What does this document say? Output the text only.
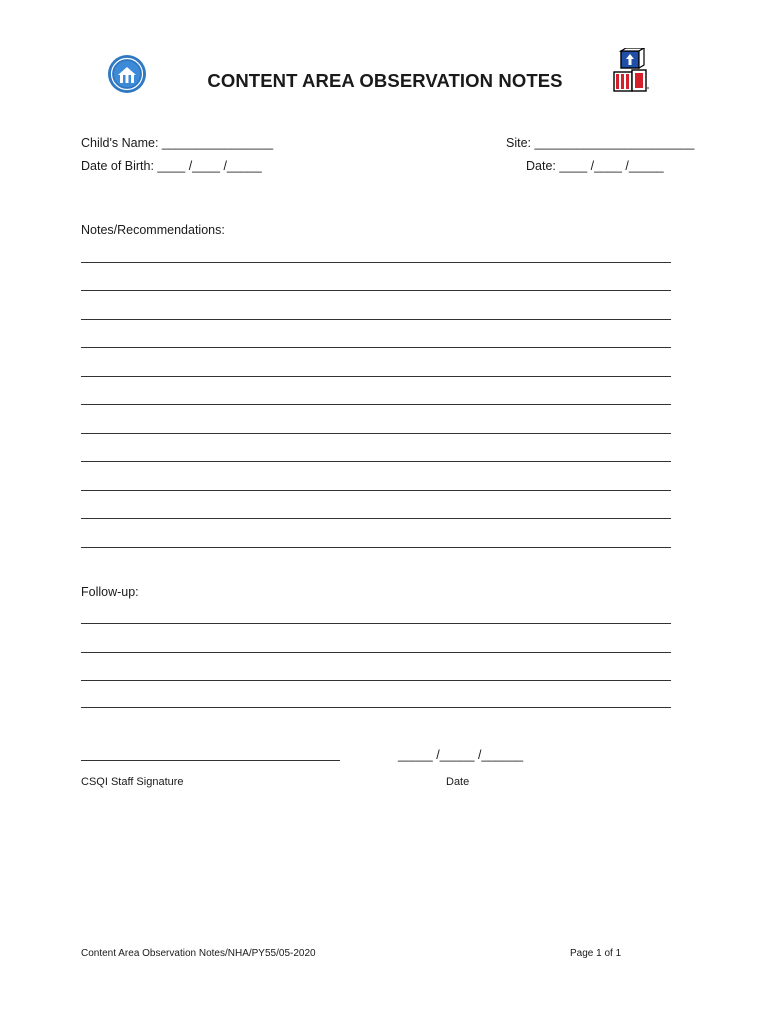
CONTENT AREA OBSERVATION NOTES
Child's Name: ________________
Date of Birth: ____ /____ /_____
Site: _______________________
Date: ____ /____ /_____
Notes/Recommendations:
Follow-up:
_____ /_____ /______
CSQI Staff Signature	Date
Content Area Observation Notes/NHA/PY55/05-2020	Page 1 of 1
